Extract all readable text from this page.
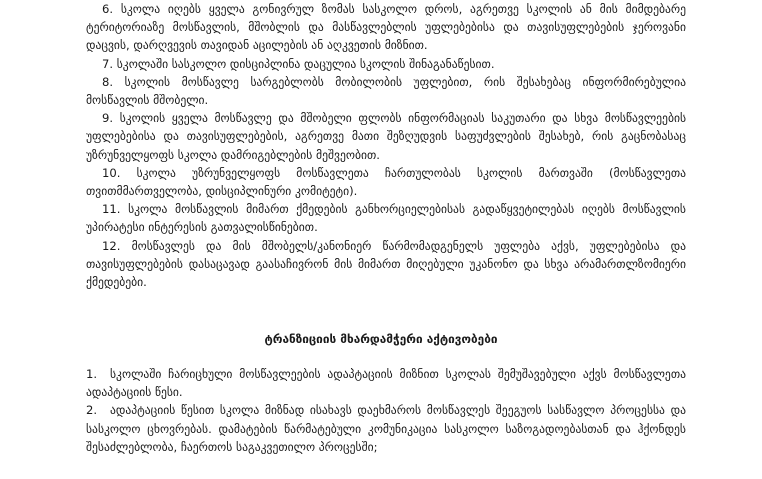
6. სკოლა იღებს ყველა გონივრულ ზომას სასკოლო დროს, აგრეთვე სკოლის ან მის მიმდებარე ტერიტორიაზე მოსწავლის, მშობლის და მასწავლებლის უფლებებისა და თავისუფლებების ჯეროვანი დაცვის, დარღვევის თავიდან აცილების ან აღკვეთის მიზნით.

7. სკოლაში სასკოლო დისციპლინა დაცულია სკოლის შინაგანაწესით.

8. სკოლის მოსწავლე სარგებლობს მობილობის უფლებით, რის შესახებაც ინფორმირებულია მოსწავლის მშობელი.

9. სკოლის ყველა მოსწავლე და მშობელი ფლობს ინფორმაციას საკუთარი და სხვა მოსწავლეების უფლებებისა და თავისუფლებების, აგრეთვე მათი შეზღუდვის საფუძვლების შესახებ, რის გაცნობასაც უზრუნველყოფს სკოლა დამრიგებლების მეშვეობით.

10. სკოლა უზრუნველყოფს მოსწავლეთა ჩართულობას სკოლის მართვაში (მოსწავლეთა თვითმმართველობა, დისციპლინური კომიტეტი).

11. სკოლა მოსწავლის მიმართ ქმედების განხორციელებისას გადაწყვეტილებას იღებს მოსწავლის უპირატესი ინტერესის გათვალისწინებით.

12. მოსწავლეს და მის მშობელს/კანონიერ წარმომადგენელს უფლება აქვს, უფლებებისა და თავისუფლებების დასაცავად გაასაჩივრონ მის მიმართ მიღებული უკანონო და სხვა არამართლზომიერი ქმედებები.

ტრანზიციის მხარდამჭერი აქტივობები

1. სკოლაში ჩარიცხული მოსწავლეების ადაპტაციის მიზნით სკოლას შემუშავებული აქვს მოსწავლეთა ადაპტაციის წესი.

2. ადაპტაციის წესით სკოლა მიზნად ისახავს დაეხმაროს მოსწავლეს შეეგუოს სასწავლო პროცესსა და სასკოლო ცხოვრებას. დამატების წარმატებული კომუნიკაცია სასკოლო საზოგადოებასთან და ჰქონდეს შესაძლებლობა, ჩაერთოს საგაკვეთილო პროცესში;
